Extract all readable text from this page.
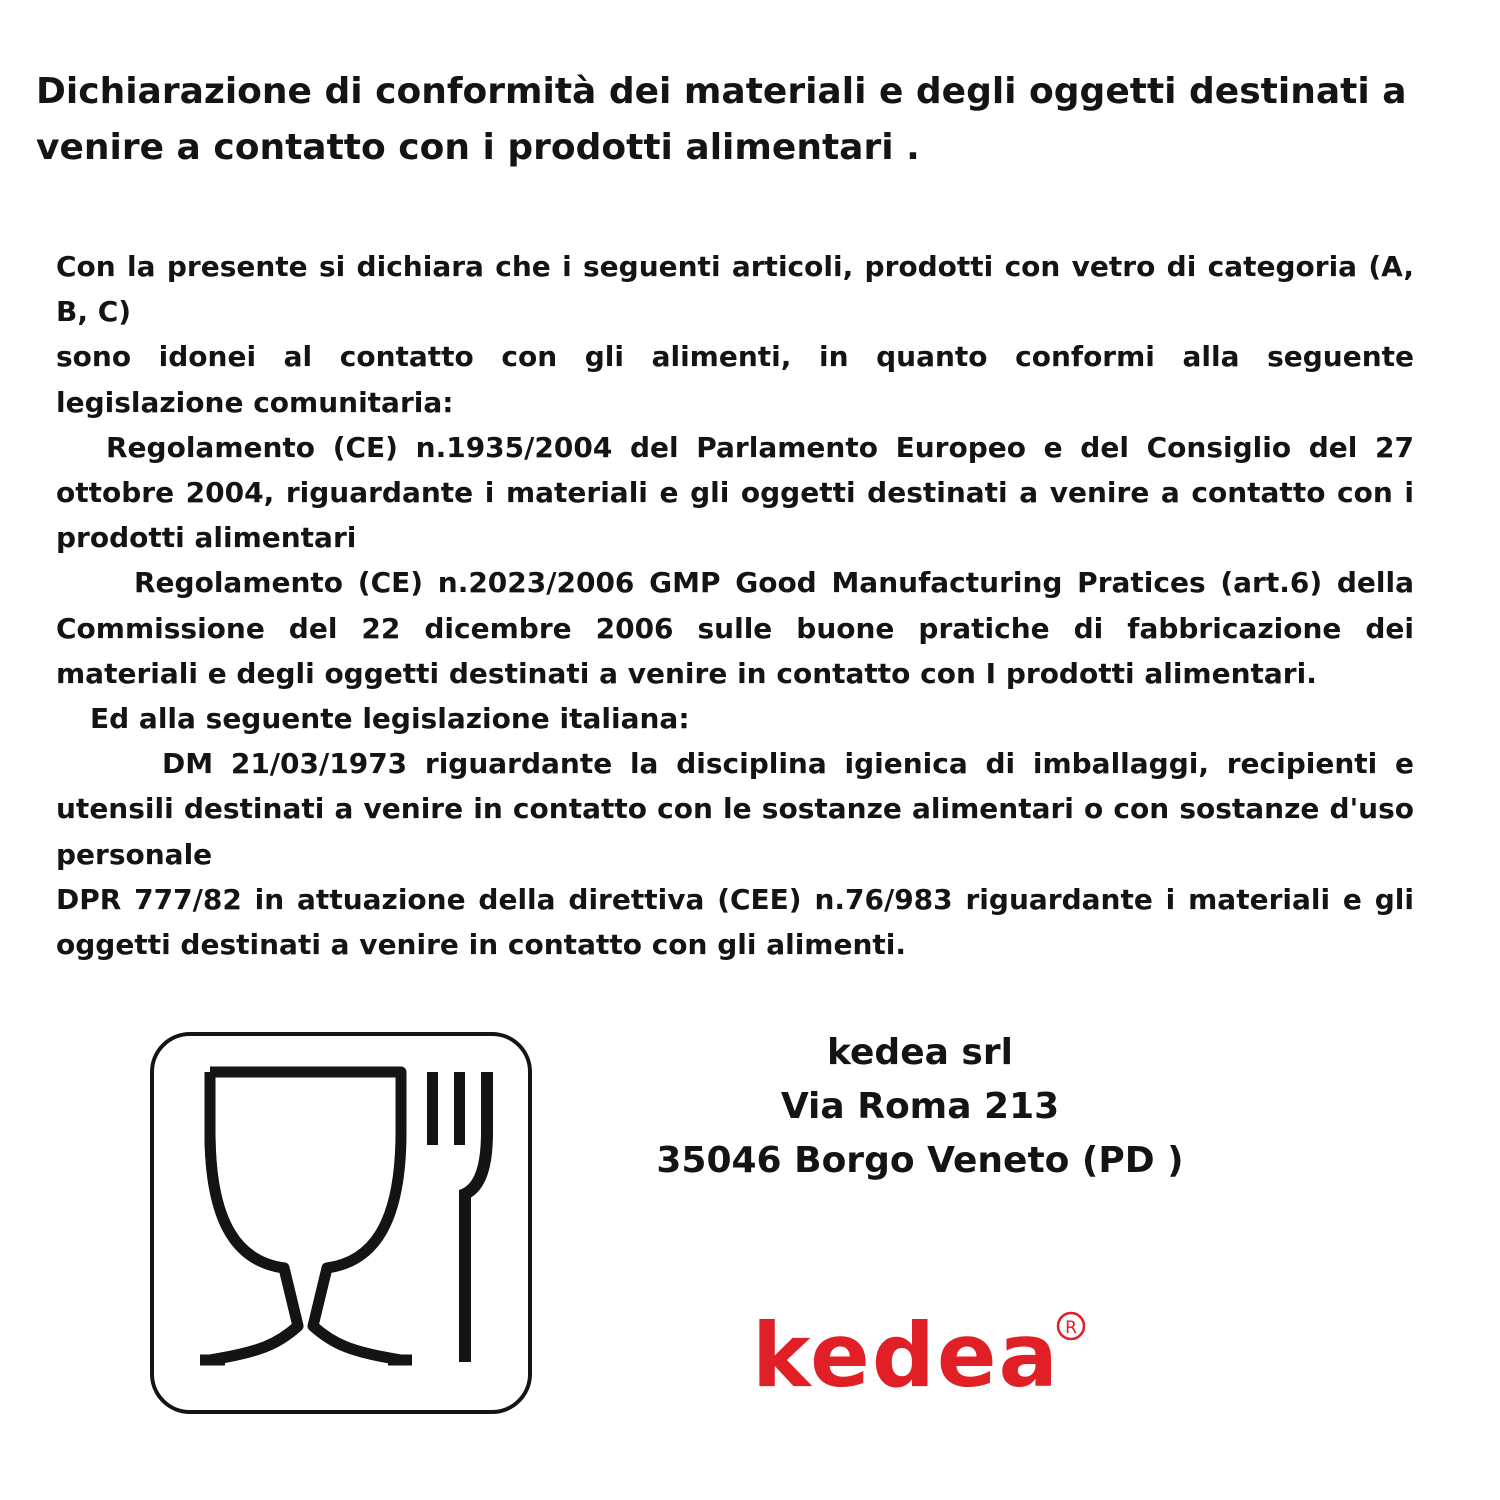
Dichiarazione di conformità dei materiali e degli oggetti destinati a venire a contatto con i prodotti alimentari .

Con la presente si dichiara che i seguenti articoli, prodotti con vetro di categoria (A, B, C)

sono idonei al contatto con gli alimenti, in quanto conformi alla seguente legislazione comunitaria:

Regolamento (CE) n.1935/2004 del Parlamento Europeo e del Consiglio del 27 ottobre 2004, riguardante i materiali e gli oggetti destinati a venire a contatto con i prodotti alimentari

Regolamento (CE) n.2023/2006 GMP Good Manufacturing Pratices (art.6) della Commissione del 22 dicembre 2006 sulle buone pratiche di fabbricazione dei materiali e degli oggetti destinati a venire in contatto con I prodotti alimentari.

Ed alla seguente legislazione italiana:

DM 21/03/1973 riguardante la disciplina igienica di imballaggi, recipienti e utensili destinati a venire in contatto con le sostanze alimentari o con sostanze d'uso personale

DPR 777/82 in attuazione della direttiva (CEE) n.76/983 riguardante i materiali e gli oggetti destinati a venire in contatto con gli alimenti.

kedea srl
Via Roma 213
35046 Borgo Veneto (PD )
kedea R
